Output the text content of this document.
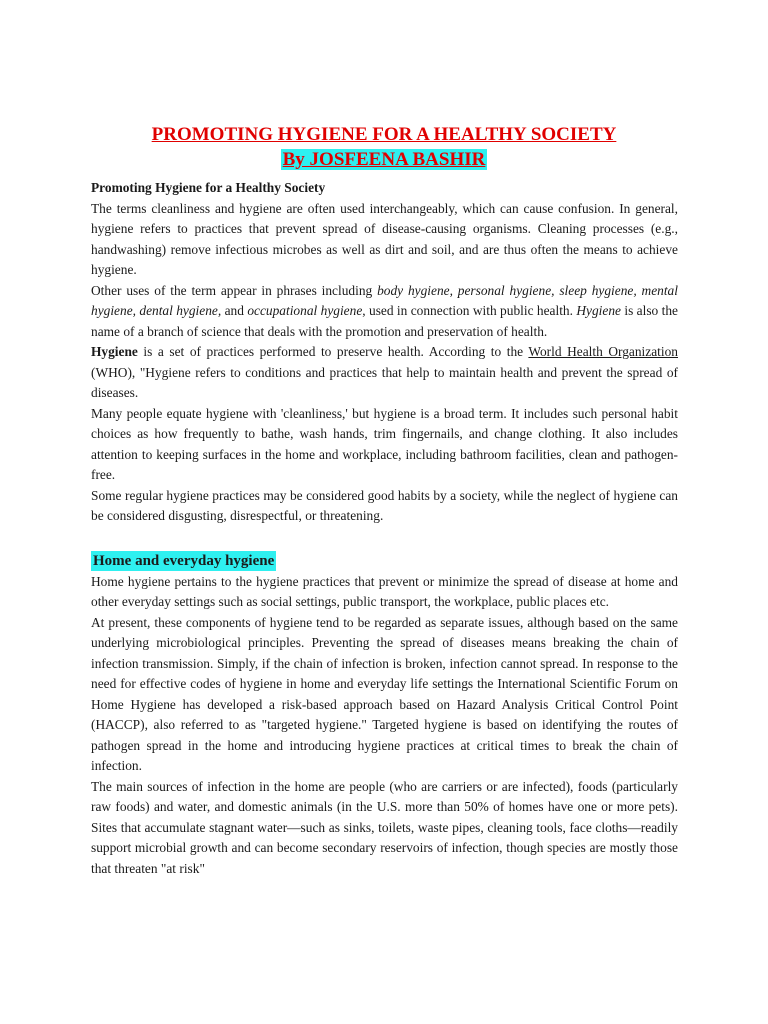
PROMOTING HYGIENE FOR A HEALTHY SOCIETY
By JOSFEENA BASHIR

Promoting Hygiene for a Healthy Society

The terms cleanliness and hygiene are often used interchangeably, which can cause confusion. In general, hygiene refers to practices that prevent spread of disease-causing organisms. Cleaning processes (e.g., handwashing) remove infectious microbes as well as dirt and soil, and are thus often the means to achieve hygiene.

Other uses of the term appear in phrases including body hygiene, personal hygiene, sleep hygiene, mental hygiene, dental hygiene, and occupational hygiene, used in connection with public health. Hygiene is also the name of a branch of science that deals with the promotion and preservation of health.

Hygiene is a set of practices performed to preserve health. According to the World Health Organization (WHO), "Hygiene refers to conditions and practices that help to maintain health and prevent the spread of diseases.

Many people equate hygiene with 'cleanliness,' but hygiene is a broad term. It includes such personal habit choices as how frequently to bathe, wash hands, trim fingernails, and change clothing. It also includes attention to keeping surfaces in the home and workplace, including bathroom facilities, clean and pathogen-free.

Some regular hygiene practices may be considered good habits by a society, while the neglect of hygiene can be considered disgusting, disrespectful, or threatening.

Home and everyday hygiene

Home hygiene pertains to the hygiene practices that prevent or minimize the spread of disease at home and other everyday settings such as social settings, public transport, the workplace, public places etc.

At present, these components of hygiene tend to be regarded as separate issues, although based on the same underlying microbiological principles. Preventing the spread of diseases means breaking the chain of infection transmission. Simply, if the chain of infection is broken, infection cannot spread. In response to the need for effective codes of hygiene in home and everyday life settings the International Scientific Forum on Home Hygiene has developed a risk-based approach based on Hazard Analysis Critical Control Point (HACCP), also referred to as "targeted hygiene." Targeted hygiene is based on identifying the routes of pathogen spread in the home and introducing hygiene practices at critical times to break the chain of infection.

The main sources of infection in the home are people (who are carriers or are infected), foods (particularly raw foods) and water, and domestic animals (in the U.S. more than 50% of homes have one or more pets). Sites that accumulate stagnant water—such as sinks, toilets, waste pipes, cleaning tools, face cloths—readily support microbial growth and can become secondary reservoirs of infection, though species are mostly those that threaten "at risk"
